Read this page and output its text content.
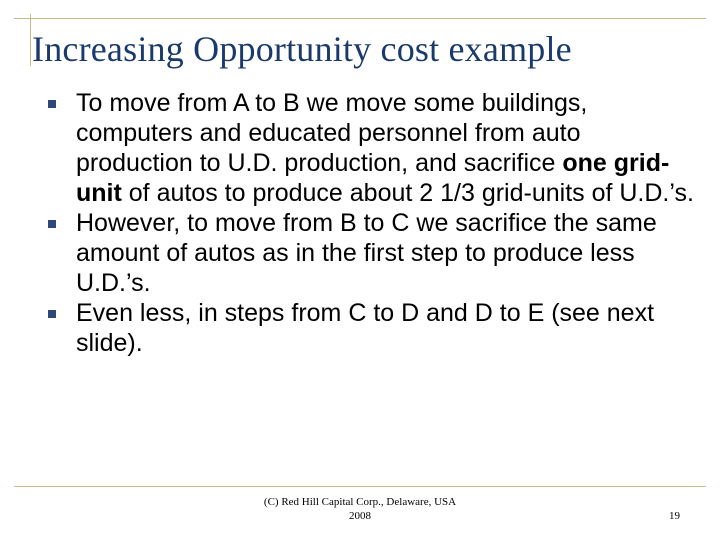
Increasing Opportunity cost example
To move from A to B we move some buildings, computers and educated personnel from auto production to U.D. production, and sacrifice one grid-unit of autos to produce about 2 1/3 grid-units of U.D.’s.
However, to move from B to C we sacrifice the same amount of autos as in the first step to produce less U.D.’s.
Even less, in steps from C to D and D to E (see next slide).
(C) Red Hill Capital Corp., Delaware, USA
2008	19
